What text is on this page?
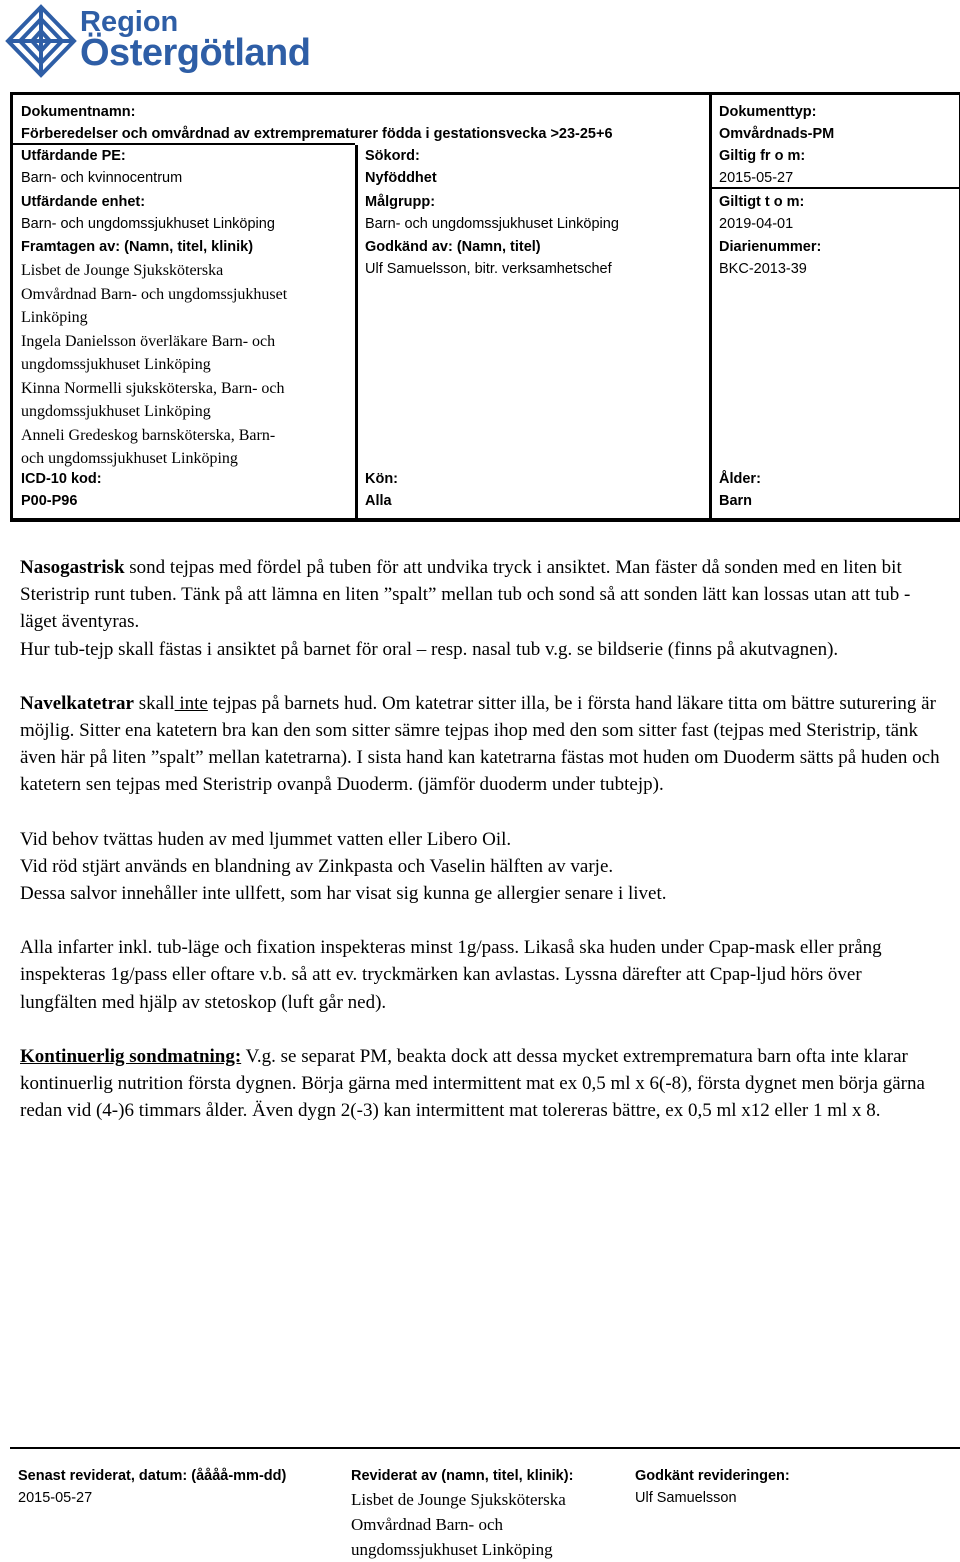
Region
Östergötland
Dokumentnamn:
Förberedelser och omvårdnad av extremprematurer födda i gestationsvecka >23-25+6
Dokumenttyp:
Omvårdnads-PM
Utfärdande PE:
Barn- och kvinnocentrum
Sökord:
Nyföddhet
Giltig fr o m:
2015-05-27
Utfärdande enhet:
Barn- och ungdomssjukhuset Linköping
Målgrupp:
Barn- och ungdomssjukhuset Linköping
Giltigt t o m:
2019-04-01
Framtagen av: (Namn, titel, klinik)
Lisbet de Jounge Sjuksköterska
Omvårdnad Barn- och ungdomssjukhuset
Linköping
Ingela Danielsson överläkare Barn- och
ungdomssjukhuset Linköping
Kinna Normelli sjuksköterska, Barn- och
ungdomssjukhuset Linköping
Anneli Gredeskog barnsköterska, Barn-
och ungdomssjukhuset Linköping
Godkänd av: (Namn, titel)
Ulf Samuelsson, bitr. verksamhetschef
Diarienummer:
BKC-2013-39
ICD-10 kod:
P00-P96
Kön:
Alla
Ålder:
Barn

Nasogastrisk sond tejpas med fördel på tuben för att undvika tryck i ansiktet. Man fäster då sonden med en liten bit Steristrip runt tuben. Tänk på att lämna en liten ”spalt” mellan tub och sond så att sonden lätt kan lossas utan att tub - läget äventyras.
Hur tub-tejp skall fästas i ansiktet på barnet för oral – resp. nasal tub v.g. se bildserie (finns på akutvagnen).

Navelkatetrar skall inte tejpas på barnets hud. Om katetrar sitter illa, be i första hand läkare titta om bättre suturering är möjlig. Sitter ena katetern bra kan den som sitter sämre tejpas ihop med den som sitter fast (tejpas med Steristrip, tänk även här på liten ”spalt” mellan katetrarna). I sista hand kan katetrarna fästas mot huden om Duoderm sätts på huden och katetern sen tejpas med Steristrip ovanpå Duoderm. (jämför duoderm under tubtejp).

Vid behov tvättas huden av med ljummet vatten eller Libero Oil.
Vid röd stjärt används en blandning av Zinkpasta och Vaselin hälften av varje.
Dessa salvor innehåller inte ullfett, som har visat sig kunna ge allergier senare i livet.

Alla infarter inkl. tub-läge och fixation inspekteras minst 1g/pass. Likaså ska huden under Cpap-mask eller prång inspekteras 1g/pass eller oftare v.b. så att ev. tryckmärken kan avlastas. Lyssna därefter att Cpap-ljud hörs över lungfälten med hjälp av stetoskop (luft går ned).

Kontinuerlig sondmatning: V.g. se separat PM, beakta dock att dessa mycket extremprematura barn ofta inte klarar kontinuerlig nutrition första dygnen. Börja gärna med intermittent mat ex 0,5 ml x 6(-8), första dygnet men börja gärna redan vid (4-)6 timmars ålder. Även dygn 2(-3) kan intermittent mat tolereras bättre, ex 0,5 ml x12 eller 1 ml x 8.

Senast reviderat, datum: (åååå-mm-dd)
2015-05-27
Reviderat av (namn, titel, klinik):
Lisbet de Jounge Sjuksköterska
Omvårdnad Barn- och
ungdomssjukhuset Linköping
Godkänt revideringen:
Ulf Samuelsson
